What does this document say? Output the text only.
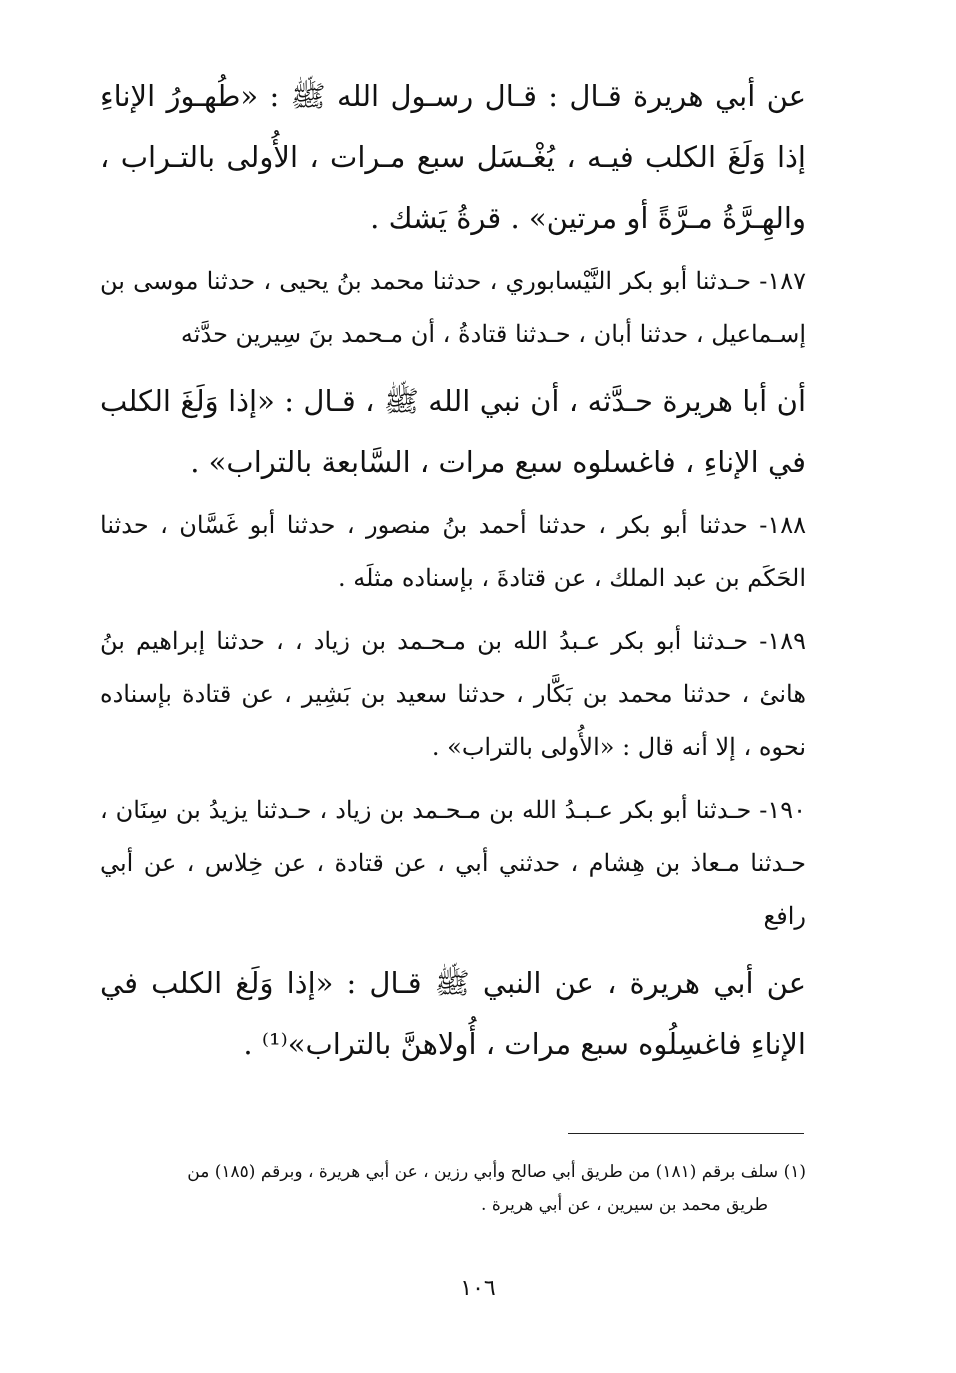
عن أبي هريرة قـال : قـال رسـول الله ﷺ : «طُهـورُ الإناءِ إذا وَلَغَ الكلب فيـه ، يُغْـسَل سبع مـرات ، الأُولى بالتـراب ، والهِـرَّةُ مـرَّةً أو مرتين» . قرةُ يَشك .

١٨٧- حـدثنا أبو بكر النَّيْسابوري ، حدثنا محمد بنُ يحيى ، حدثنا موسى بن إسـماعيل ، حدثنا أبان ، حـدثنا قتادةُ ، أن مـحمد بنَ سِيرين حدَّثه

أن أبا هريرة حـدَّثه ، أن نبي الله ﷺ ، قـال : «إذا وَلَغَ الكلب في الإناءِ ، فاغسلوه سبع مرات ، السَّابعة بالتراب» .

١٨٨- حدثنا أبو بكر ، حدثنا أحمد بنُ منصور ، حدثنا أبو غَسَّان ، حدثنا الحَكَم بن عبد الملك ، عن قتادةَ ، بإسناده مثلَه .

١٨٩- حـدثنا أبو بكر عـبدُ الله بن مـحـمد بن زياد ، ، حدثنا إبراهيم بنُ هانئ ، حدثنا محمد بن بَكَّار ، حدثنا سعيد بن بَشِير ، عن قتادة بإسناده نحوه ، إلا أنه قال : «الأُولى بالتراب» .

١٩٠- حـدثنا أبو بكر عـبـدُ الله بن مـحـمد بن زياد ، حـدثنا يزيدُ بن سِنَان ، حـدثنا مـعاذ بن هِشام ، حدثني أبي ، عن قتادة ، عن خِلاس ، عن أبي رافع

عن أبي هريرة ، عن النبي ﷺ قـال : «إذا وَلَغ الكلب في الإناءِ فاغسِلُوه سبع مرات ، أُولاهنَّ بالتراب»⁽¹⁾ .

(١) سلف برقم (١٨١) من طريق أبي صالح وأبي رزين ، عن أبي هريرة ، وبرقم (١٨٥) من
طريق محمد بن سيرين ، عن أبي هريرة .

١٠٦
